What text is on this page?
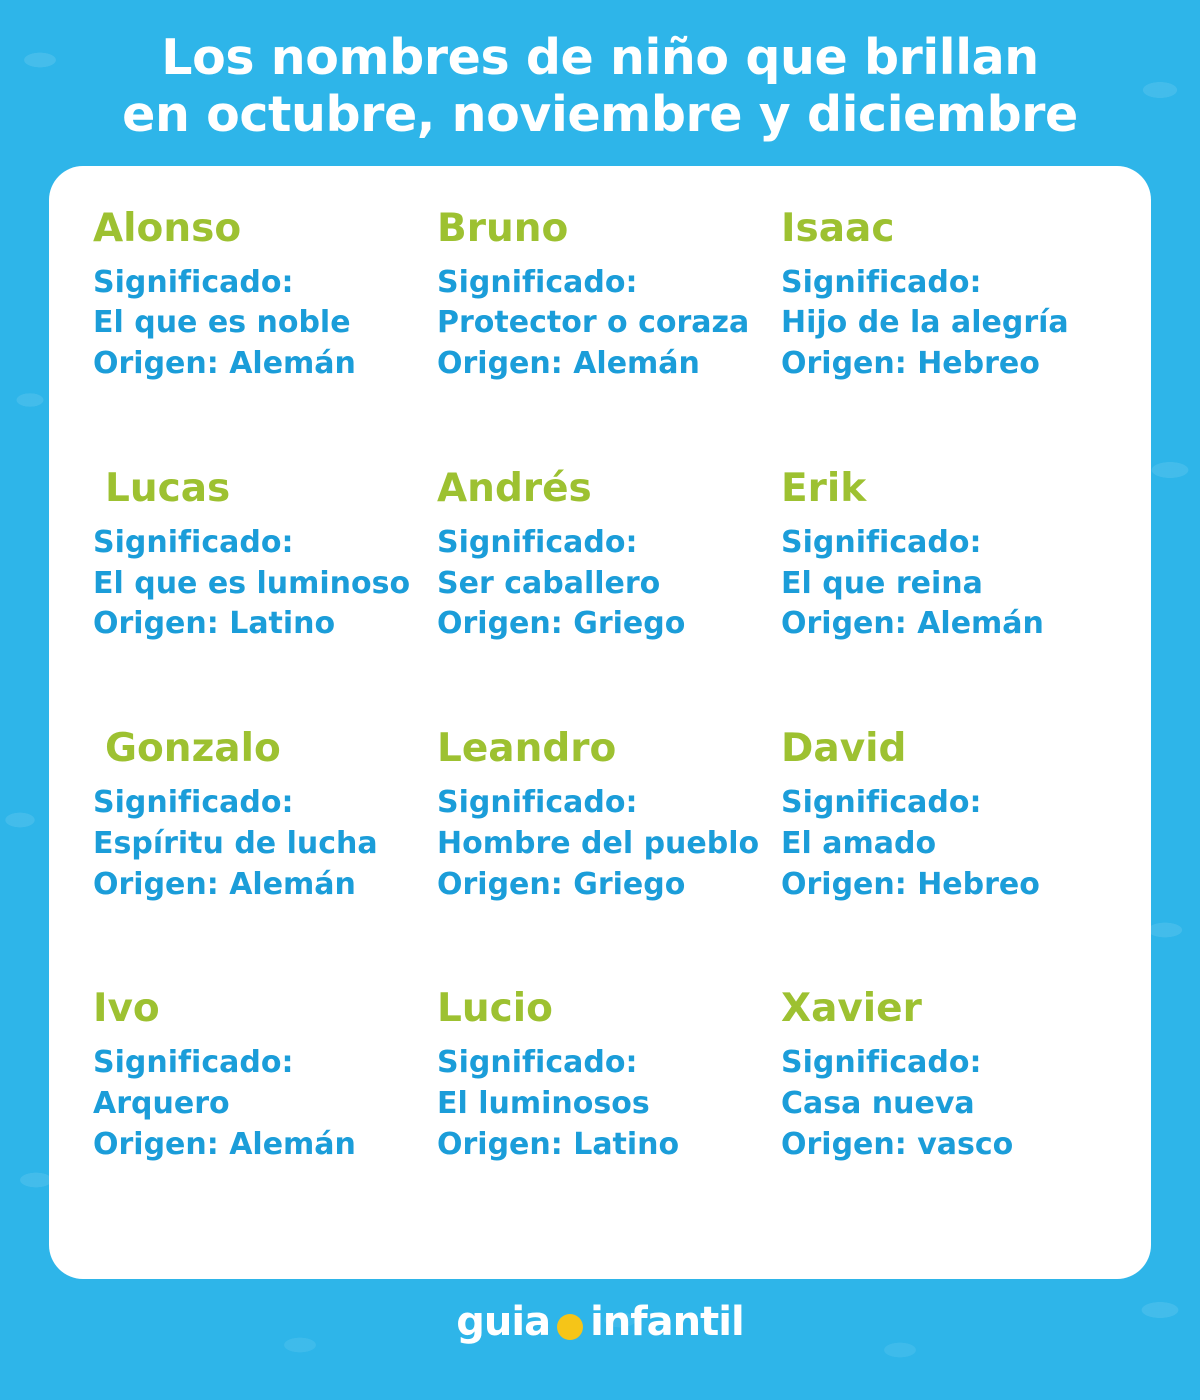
Los nombres de niño que brillan
en octubre, noviembre y diciembre
Alonso
Significado:
El que es noble
Origen: Alemán
Bruno
Significado:
Protector o coraza
Origen: Alemán
Isaac
Significado:
Hijo de la alegría
Origen: Hebreo
Lucas
Significado:
El que es luminoso
Origen: Latino
Andrés
Significado:
Ser caballero
Origen: Griego
Erik
Significado:
El que reina
Origen: Alemán
Gonzalo
Significado:
Espíritu de lucha
Origen: Alemán
Leandro
Significado:
Hombre del pueblo
Origen: Griego
David
Significado:
El amado
Origen: Hebreo
Ivo
Significado:
Arquero
Origen: Alemán
Lucio
Significado:
El luminosos
Origen: Latino
Xavier
Significado:
Casa nueva
Origen: vasco
guia infantil
